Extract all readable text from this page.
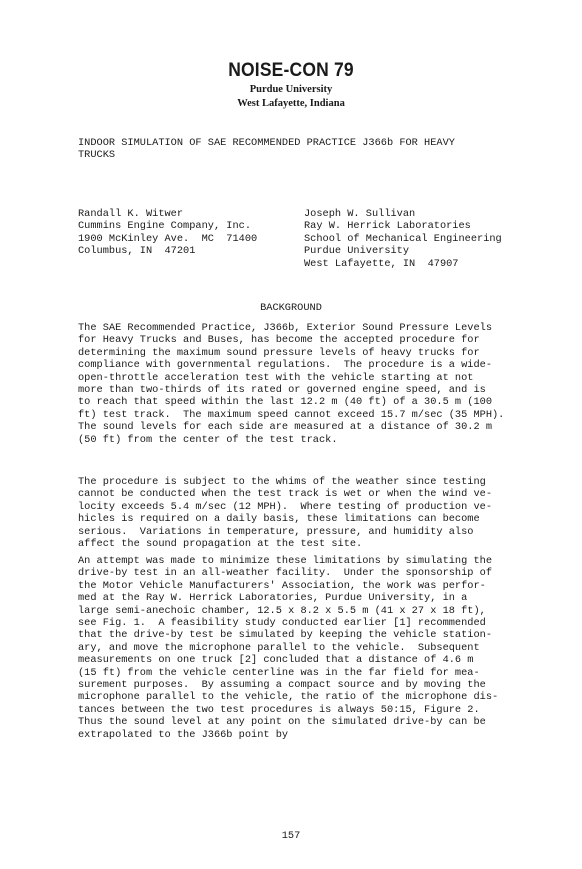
NOISE-CON 79
Purdue University
West Lafayette, Indiana
INDOOR SIMULATION OF SAE RECOMMENDED PRACTICE J366b FOR HEAVY
TRUCKS
Randall K. Witwer
Cummins Engine Company, Inc.
1900 McKinley Ave.  MC  71400
Columbus, IN  47201
Joseph W. Sullivan
Ray W. Herrick Laboratories
School of Mechanical Engineering
Purdue University
West Lafayette, IN  47907
BACKGROUND
The SAE Recommended Practice, J366b, Exterior Sound Pressure Levels
for Heavy Trucks and Buses, has become the accepted procedure for
determining the maximum sound pressure levels of heavy trucks for
compliance with governmental regulations.  The procedure is a wide-
open-throttle acceleration test with the vehicle starting at not
more than two-thirds of its rated or governed engine speed, and is
to reach that speed within the last 12.2 m (40 ft) of a 30.5 m (100
ft) test track.  The maximum speed cannot exceed 15.7 m/sec (35 MPH).
The sound levels for each side are measured at a distance of 30.2 m
(50 ft) from the center of the test track.
The procedure is subject to the whims of the weather since testing
cannot be conducted when the test track is wet or when the wind ve-
locity exceeds 5.4 m/sec (12 MPH).  Where testing of production ve-
hicles is required on a daily basis, these limitations can become
serious.  Variations in temperature, pressure, and humidity also
affect the sound propagation at the test site.
An attempt was made to minimize these limitations by simulating the
drive-by test in an all-weather facility.  Under the sponsorship of
the Motor Vehicle Manufacturers' Association, the work was perfor-
med at the Ray W. Herrick Laboratories, Purdue University, in a
large semi-anechoic chamber, 12.5 x 8.2 x 5.5 m (41 x 27 x 18 ft),
see Fig. 1.  A feasibility study conducted earlier [1] recommended
that the drive-by test be simulated by keeping the vehicle station-
ary, and move the microphone parallel to the vehicle.  Subsequent
measurements on one truck [2] concluded that a distance of 4.6 m
(15 ft) from the vehicle centerline was in the far field for mea-
surement purposes.  By assuming a compact source and by moving the
microphone parallel to the vehicle, the ratio of the microphone dis-
tances between the two test procedures is always 50:15, Figure 2.
Thus the sound level at any point on the simulated drive-by can be
extrapolated to the J366b point by
157
